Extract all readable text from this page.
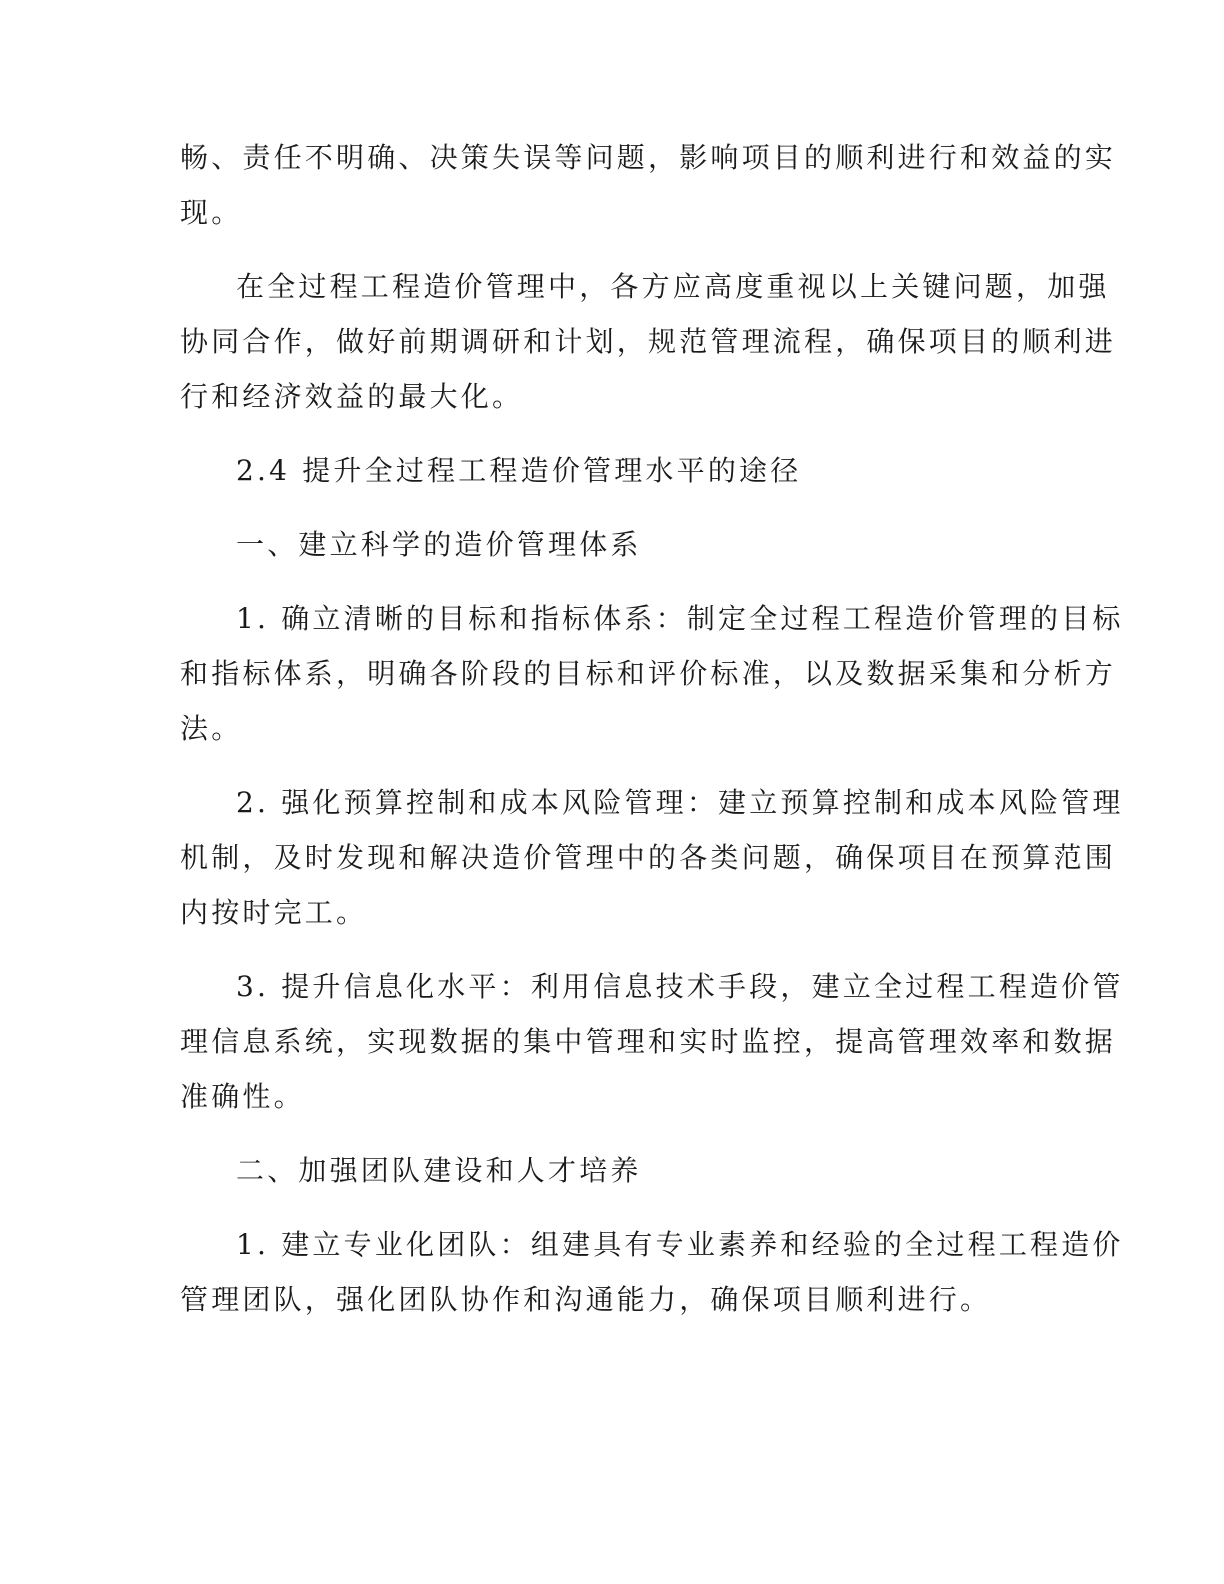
畅、责任不明确、决策失误等问题，影响项目的顺利进行和效益的实
现。
在全过程工程造价管理中，各方应高度重视以上关键问题，加强
协同合作，做好前期调研和计划，规范管理流程，确保项目的顺利进
行和经济效益的最大化。
2.4 提升全过程工程造价管理水平的途径
一、建立科学的造价管理体系
1. 确立清晰的目标和指标体系：制定全过程工程造价管理的目标
和指标体系，明确各阶段的目标和评价标准，以及数据采集和分析方
法。
2. 强化预算控制和成本风险管理：建立预算控制和成本风险管理
机制，及时发现和解决造价管理中的各类问题，确保项目在预算范围
内按时完工。
3. 提升信息化水平：利用信息技术手段，建立全过程工程造价管
理信息系统，实现数据的集中管理和实时监控，提高管理效率和数据
准确性。
二、加强团队建设和人才培养
1. 建立专业化团队：组建具有专业素养和经验的全过程工程造价
管理团队，强化团队协作和沟通能力，确保项目顺利进行。
